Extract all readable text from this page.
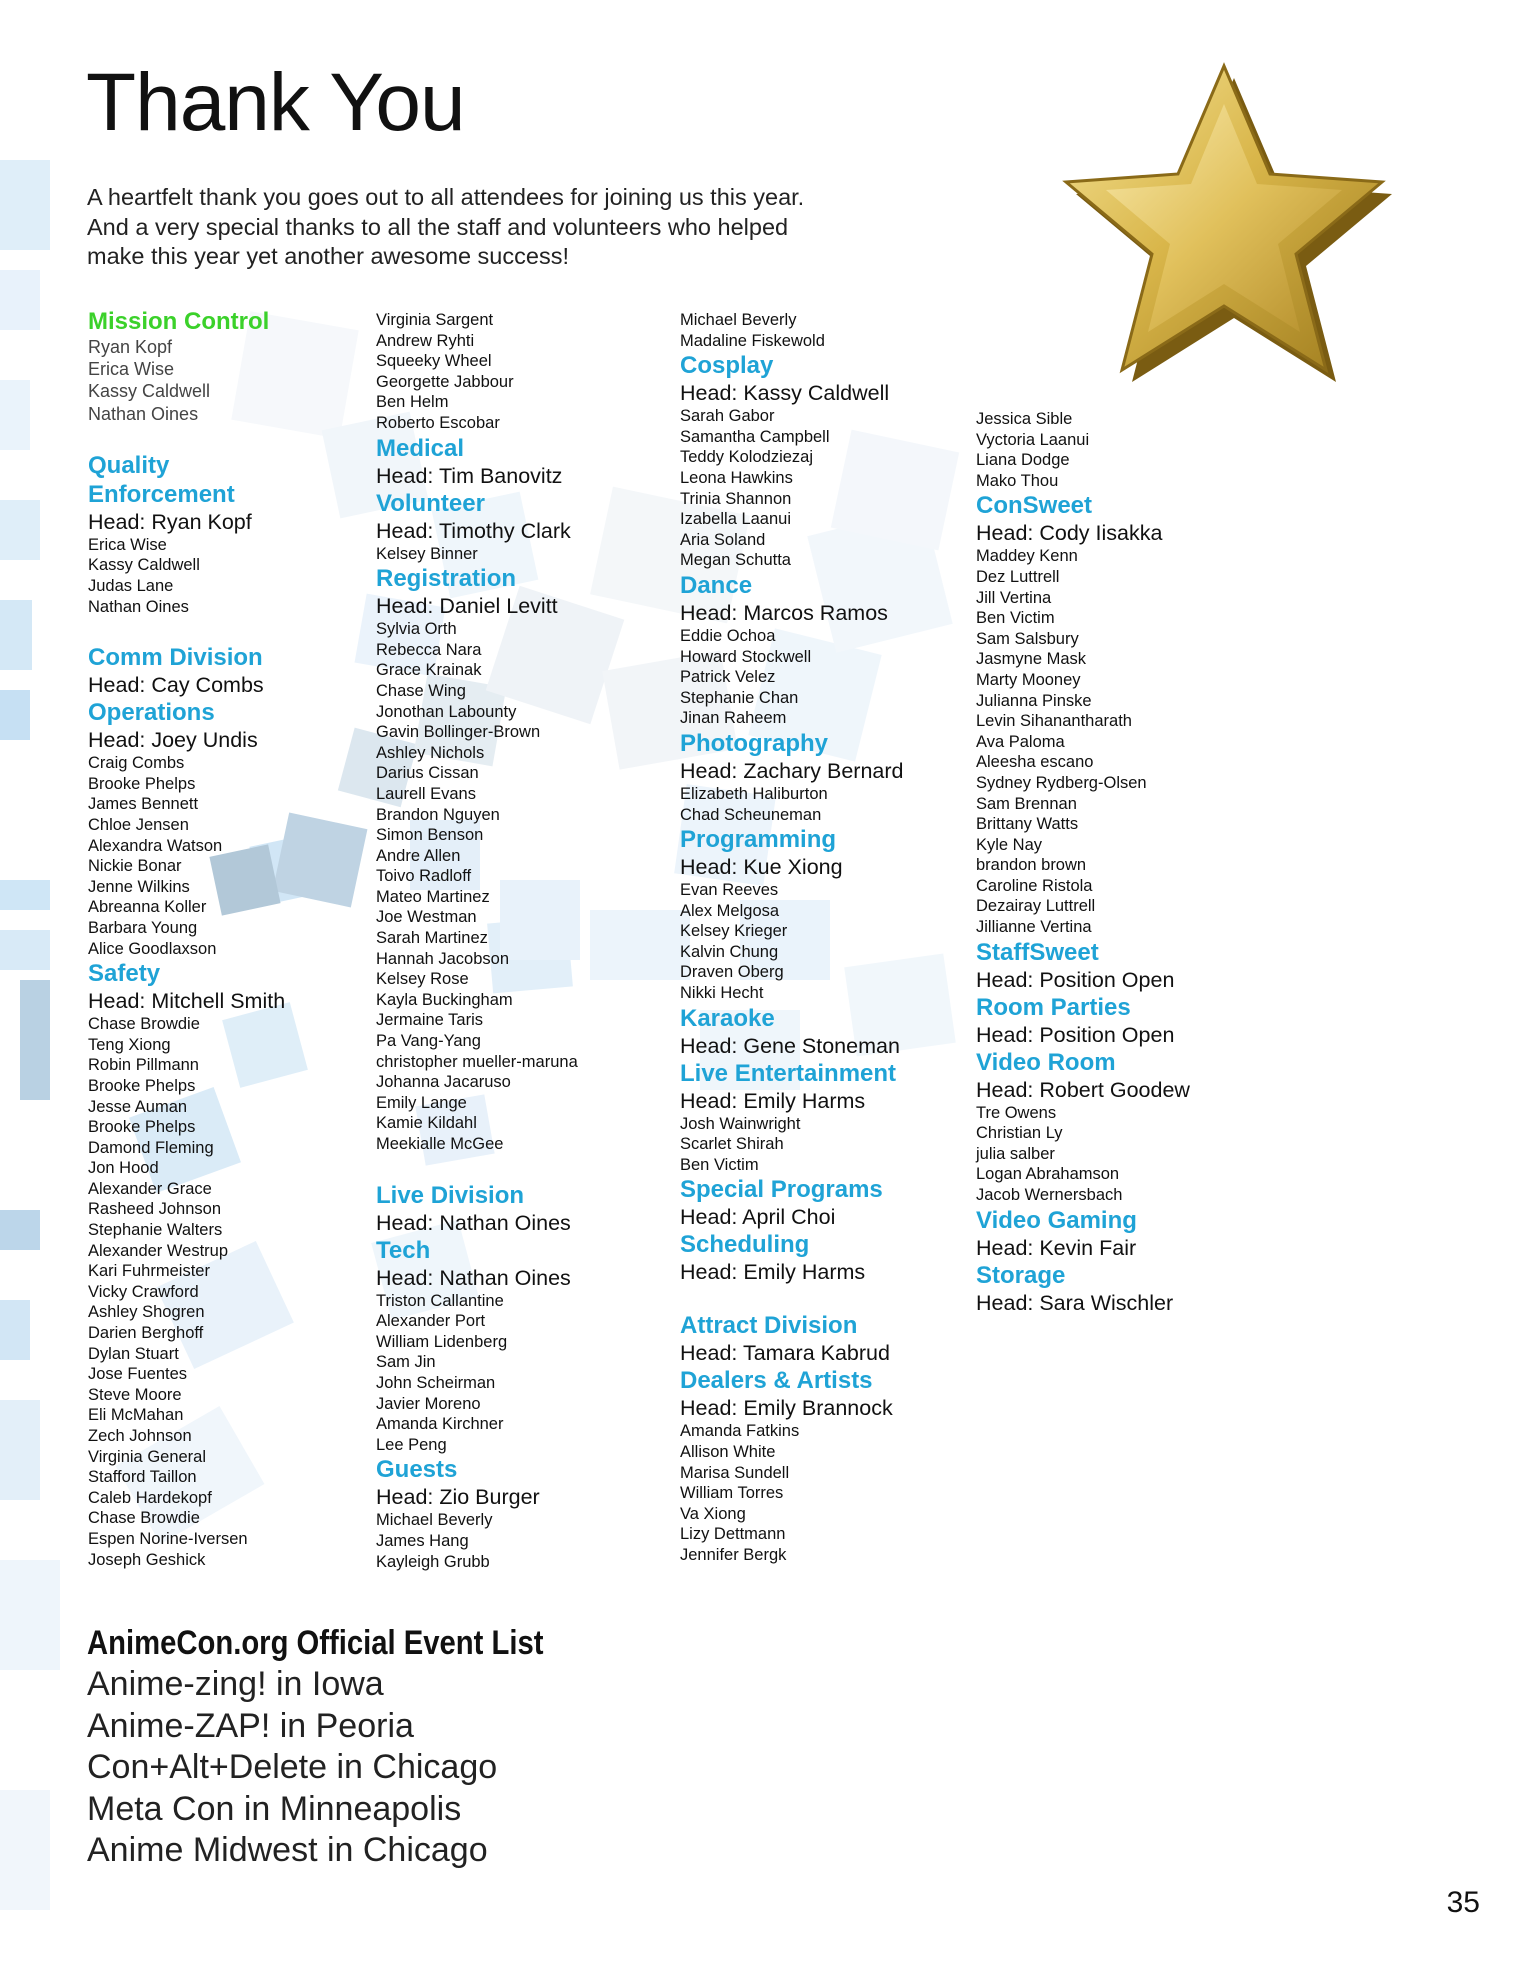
Thank You
A heartfelt thank you goes out to all attendees for joining us this year.
And a very special thanks to all the staff and volunteers who helped
make this year yet another awesome success!
Mission Control
Ryan Kopf
Erica Wise
Kassy Caldwell
Nathan Oines
Quality Enforcement
Head: Ryan Kopf
Erica Wise
Kassy Caldwell
Judas Lane
Nathan Oines
Comm Division
Head: Cay Combs
Operations
Head: Joey Undis
Craig Combs
Brooke Phelps
James Bennett
Chloe Jensen
Alexandra Watson
Nickie Bonar
Jenne Wilkins
Abreanna Koller
Barbara Young
Alice Goodlaxson
Safety
Head: Mitchell Smith
Chase Browdie
Teng Xiong
Robin Pillmann
Brooke Phelps
Jesse Auman
Brooke Phelps
Damond Fleming
Jon Hood
Alexander Grace
Rasheed Johnson
Stephanie Walters
Alexander Westrup
Kari Fuhrmeister
Vicky Crawford
Ashley Shogren
Darien Berghoff
Dylan Stuart
Jose Fuentes
Steve Moore
Eli McMahan
Zech Johnson
Virginia General
Stafford Taillon
Caleb Hardekopf
Chase Browdie
Espen Norine-Iversen
Joseph Geshick
Virginia Sargent
Andrew Ryhti
Squeeky Wheel
Georgette Jabbour
Ben Helm
Roberto Escobar
Medical
Head: Tim Banovitz
Volunteer
Head: Timothy Clark
Kelsey Binner
Registration
Head: Daniel Levitt
Sylvia Orth
Rebecca Nara
Grace Krainak
Chase Wing
Jonothan Labounty
Gavin Bollinger-Brown
Ashley Nichols
Darius Cissan
Laurell Evans
Brandon Nguyen
Simon Benson
Andre Allen
Toivo Radloff
Mateo Martinez
Joe Westman
Sarah Martinez
Hannah Jacobson
Kelsey Rose
Kayla Buckingham
Jermaine Taris
Pa Vang-Yang
christopher mueller-maruna
Johanna Jacaruso
Emily Lange
Kamie Kildahl
Meekialle McGee
Live Division
Head: Nathan Oines
Tech
Head: Nathan Oines
Triston Callantine
Alexander Port
William Lidenberg
Sam Jin
John Scheirman
Javier Moreno
Amanda Kirchner
Lee Peng
Guests
Head: Zio Burger
Michael Beverly
James Hang
Kayleigh Grubb
Michael Beverly
Madaline Fiskewold
Cosplay
Head: Kassy Caldwell
Sarah Gabor
Samantha Campbell
Teddy Kolodziezaj
Leona Hawkins
Trinia Shannon
Izabella Laanui
Aria Soland
Megan Schutta
Dance
Head: Marcos Ramos
Eddie Ochoa
Howard Stockwell
Patrick Velez
Stephanie Chan
Jinan Raheem
Photography
Head: Zachary Bernard
Elizabeth Haliburton
Chad Scheuneman
Programming
Head: Kue Xiong
Evan Reeves
Alex Melgosa
Kelsey Krieger
Kalvin Chung
Draven Oberg
Nikki Hecht
Karaoke
Head: Gene Stoneman
Live Entertainment
Head: Emily Harms
Josh Wainwright
Scarlet Shirah
Ben Victim
Special Programs
Head: April Choi
Scheduling
Head: Emily Harms
Attract Division
Head: Tamara Kabrud
Dealers & Artists
Head: Emily Brannock
Amanda Fatkins
Allison White
Marisa Sundell
William Torres
Va Xiong
Lizy Dettmann
Jennifer Bergk
Jessica Sible
Vyctoria Laanui
Liana Dodge
Mako Thou
ConSweet
Head: Cody Iisakka
Maddey Kenn
Dez Luttrell
Jill Vertina
Ben Victim
Sam Salsbury
Jasmyne Mask
Marty Mooney
Julianna Pinske
Levin Sihanantharath
Ava Paloma
Aleesha escano
Sydney Rydberg-Olsen
Sam Brennan
Brittany Watts
Kyle Nay
brandon brown
Caroline Ristola
Dezairay Luttrell
Jillianne Vertina
StaffSweet
Head: Position Open
Room Parties
Head: Position Open
Video Room
Head: Robert Goodew
Tre Owens
Christian Ly
julia salber
Logan Abrahamson
Jacob Wernersbach
Video Gaming
Head: Kevin Fair
Storage
Head: Sara Wischler
AnimeCon.org Official Event List
Anime-zing! in Iowa
Anime-ZAP! in Peoria
Con+Alt+Delete in Chicago
Meta Con in Minneapolis
Anime Midwest in Chicago
35
